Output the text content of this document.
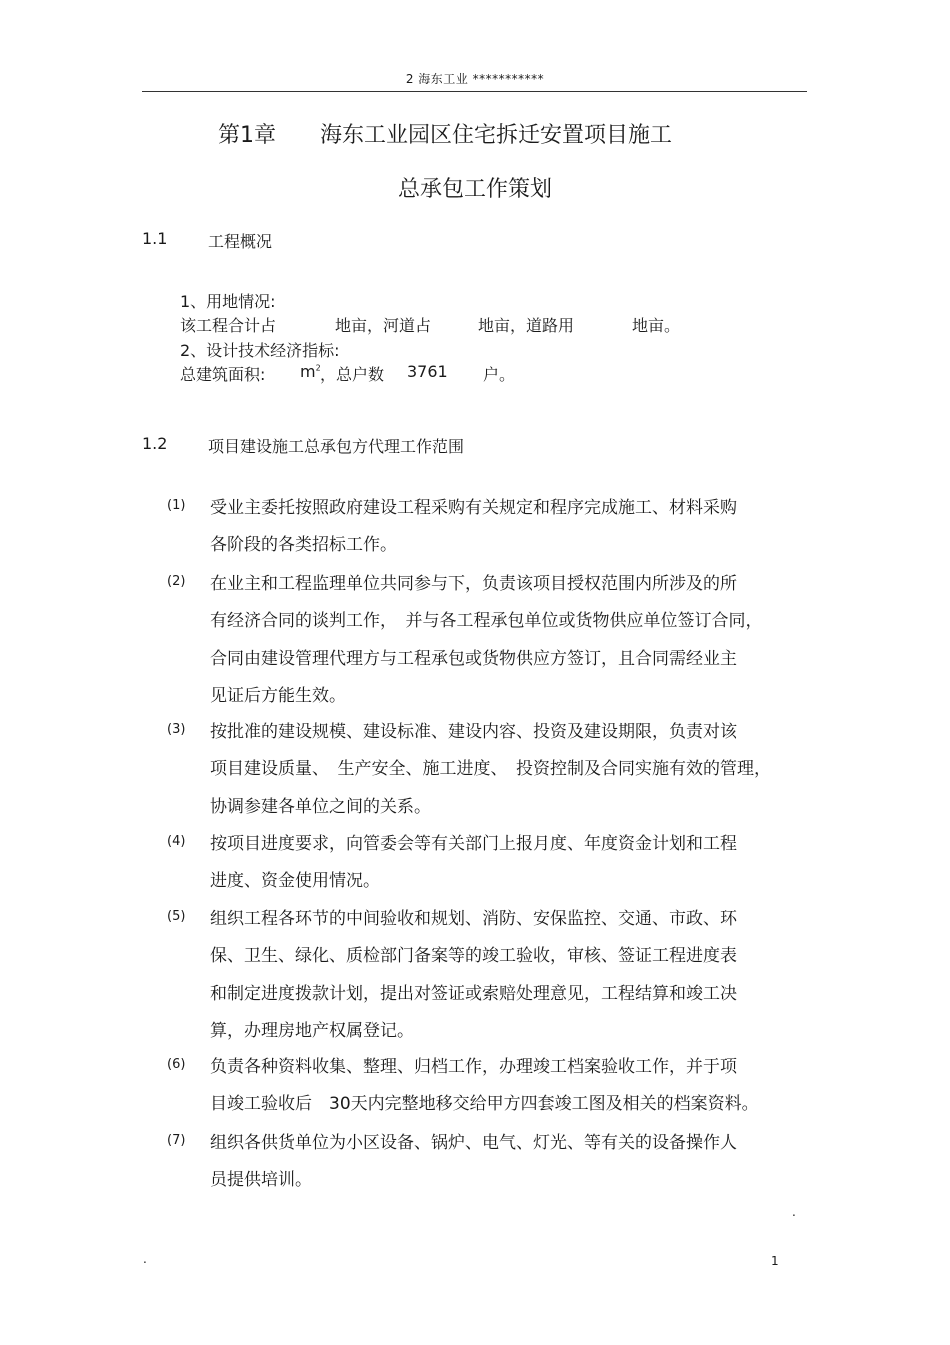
2 海东工业 ***********
第1章 海东工业园区住宅拆迁安置项目施工
总承包工作策划
1.1	工程概况
1、用地情况:
该工程合计占	地亩，河道占	地亩，道路用	地亩。
2、设计技术经济指标:
总建筑面积: $m^2$ ，总户数 3761 户。
1.2	项目建设施工总承包方代理工作范围
(1) 受业主委托按照政府建设工程采购有关规定和程序完成施工、材料采购
各阶段的各类招标工作。
(2) 在业主和工程监理单位共同参与下，负责该项目授权范围内所涉及的所
有经济合同的谈判工作，　并与各工程承包单位或货物供应单位签订合同，
合同由建设管理代理方与工程承包或货物供应方签订，且合同需经业主
见证后方能生效。
(3) 按批准的建设规模、建设标准、建设内容、投资及建设期限，负责对该
项目建设质量、　生产安全、施工进度、　投资控制及合同实施有效的管理，
协调参建各单位之间的关系。
(4) 按项目进度要求，向管委会等有关部门上报月度、年度资金计划和工程
进度、资金使用情况。
(5) 组织工程各环节的中间验收和规划、消防、安保监控、交通、市政、环
保、卫生、绿化、质检部门备案等的竣工验收，审核、签证工程进度表
和制定进度拨款计划，提出对签证或索赔处理意见，工程结算和竣工决
算，办理房地产权属登记。
(6) 负责各种资料收集、整理、归档工作，办理竣工档案验收工作，并于项
目竣工验收后　30天内完整地移交给甲方四套竣工图及相关的档案资料。
(7) 组织各供货单位为小区设备、锅炉、电气、灯光、等有关的设备操作人
员提供培训。
.
.	1
